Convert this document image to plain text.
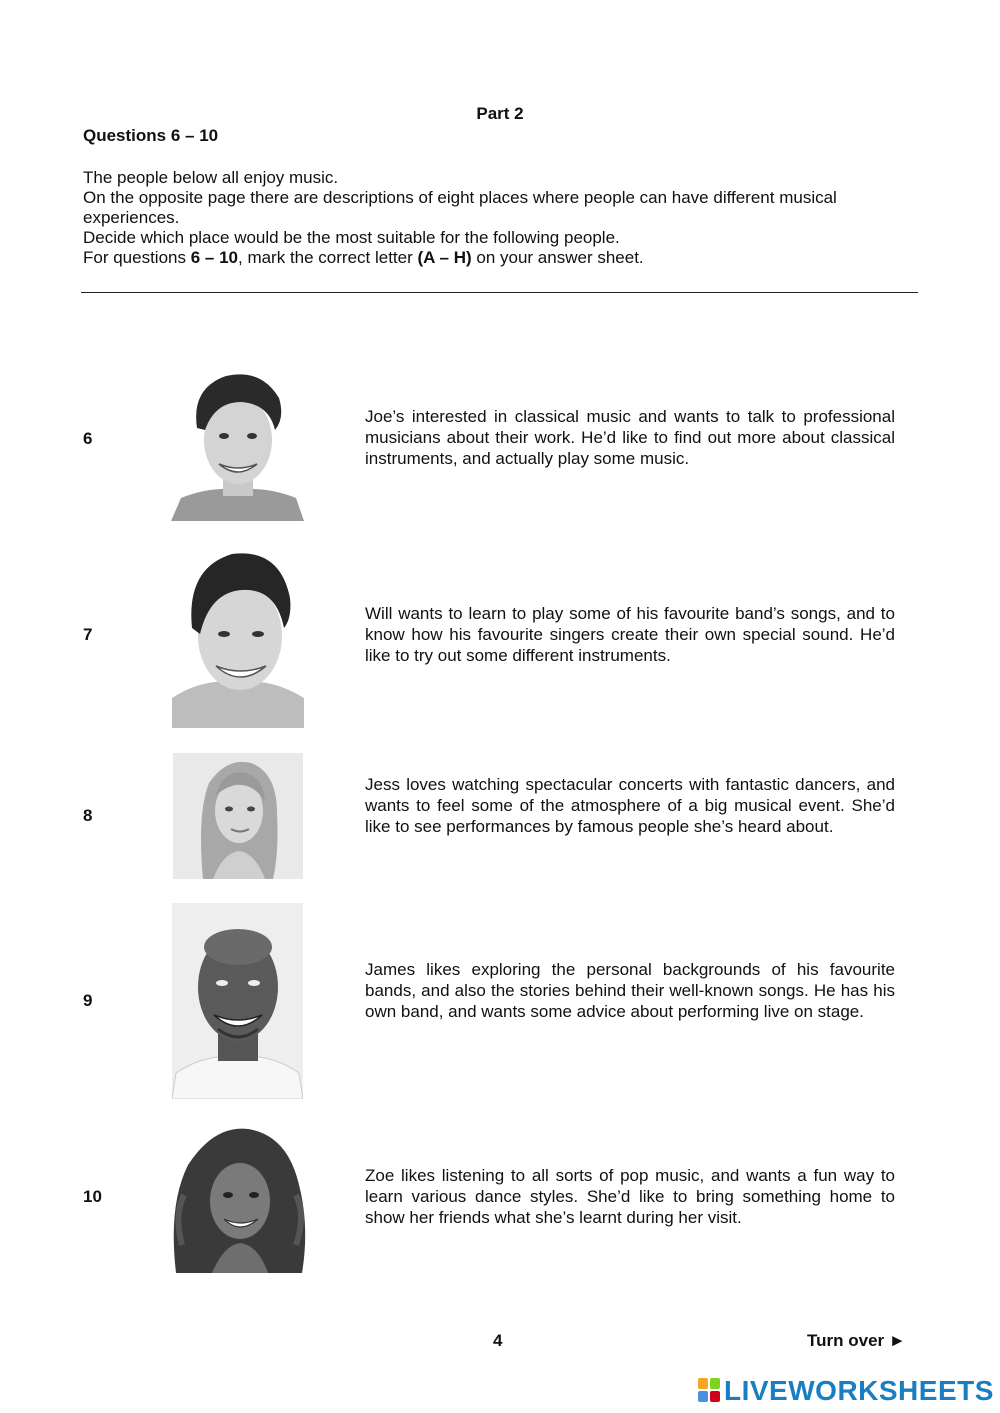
Part 2
Questions 6 – 10
The people below all enjoy music.
On the opposite page there are descriptions of eight places where people can have different musical experiences.
Decide which place would be the most suitable for the following people.
For questions 6 – 10, mark the correct letter (A – H) on your answer sheet.
6
Joe’s interested in classical music and wants to talk to professional musicians about their work. He’d like to find out more about classical instruments, and actually play some music.
7
Will wants to learn to play some of his favourite band’s songs, and to know how his favourite singers create their own special sound. He’d like to try out some different instruments.
8
Jess loves watching spectacular concerts with fantastic dancers, and wants to feel some of the atmosphere of a big musical event. She’d like to see performances by famous people she’s heard about.
9
James likes exploring the personal backgrounds of his favourite bands, and also the stories behind their well-known songs. He has his own band, and wants some advice about performing live on stage.
10
Zoe likes listening to all sorts of pop music, and wants a fun way to learn various dance styles. She’d like to bring something home to show her friends what she’s learnt during her visit.
4	Turn over ►
LIVEWORKSHEETS
